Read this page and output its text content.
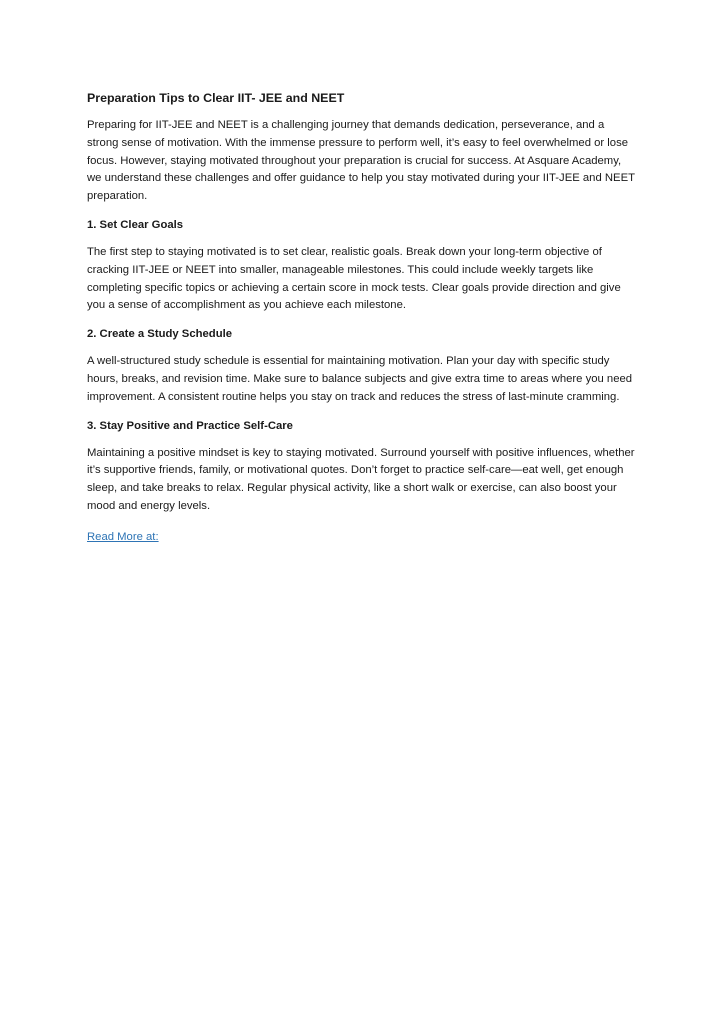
Preparation Tips to Clear IIT- JEE and NEET

Preparing for IIT-JEE and NEET is a challenging journey that demands dedication, perseverance, and a strong sense of motivation. With the immense pressure to perform well, it’s easy to feel overwhelmed or lose focus. However, staying motivated throughout your preparation is crucial for success. At Asquare Academy, we understand these challenges and offer guidance to help you stay motivated during your IIT-JEE and NEET preparation.

1. Set Clear Goals

The first step to staying motivated is to set clear, realistic goals. Break down your long-term objective of cracking IIT-JEE or NEET into smaller, manageable milestones. This could include weekly targets like completing specific topics or achieving a certain score in mock tests. Clear goals provide direction and give you a sense of accomplishment as you achieve each milestone.

2. Create a Study Schedule

A well-structured study schedule is essential for maintaining motivation. Plan your day with specific study hours, breaks, and revision time. Make sure to balance subjects and give extra time to areas where you need improvement. A consistent routine helps you stay on track and reduces the stress of last-minute cramming.

3. Stay Positive and Practice Self-Care

Maintaining a positive mindset is key to staying motivated. Surround yourself with positive influences, whether it’s supportive friends, family, or motivational quotes. Don’t forget to practice self-care—eat well, get enough sleep, and take breaks to relax. Regular physical activity, like a short walk or exercise, can also boost your mood and energy levels.

Read More at:
